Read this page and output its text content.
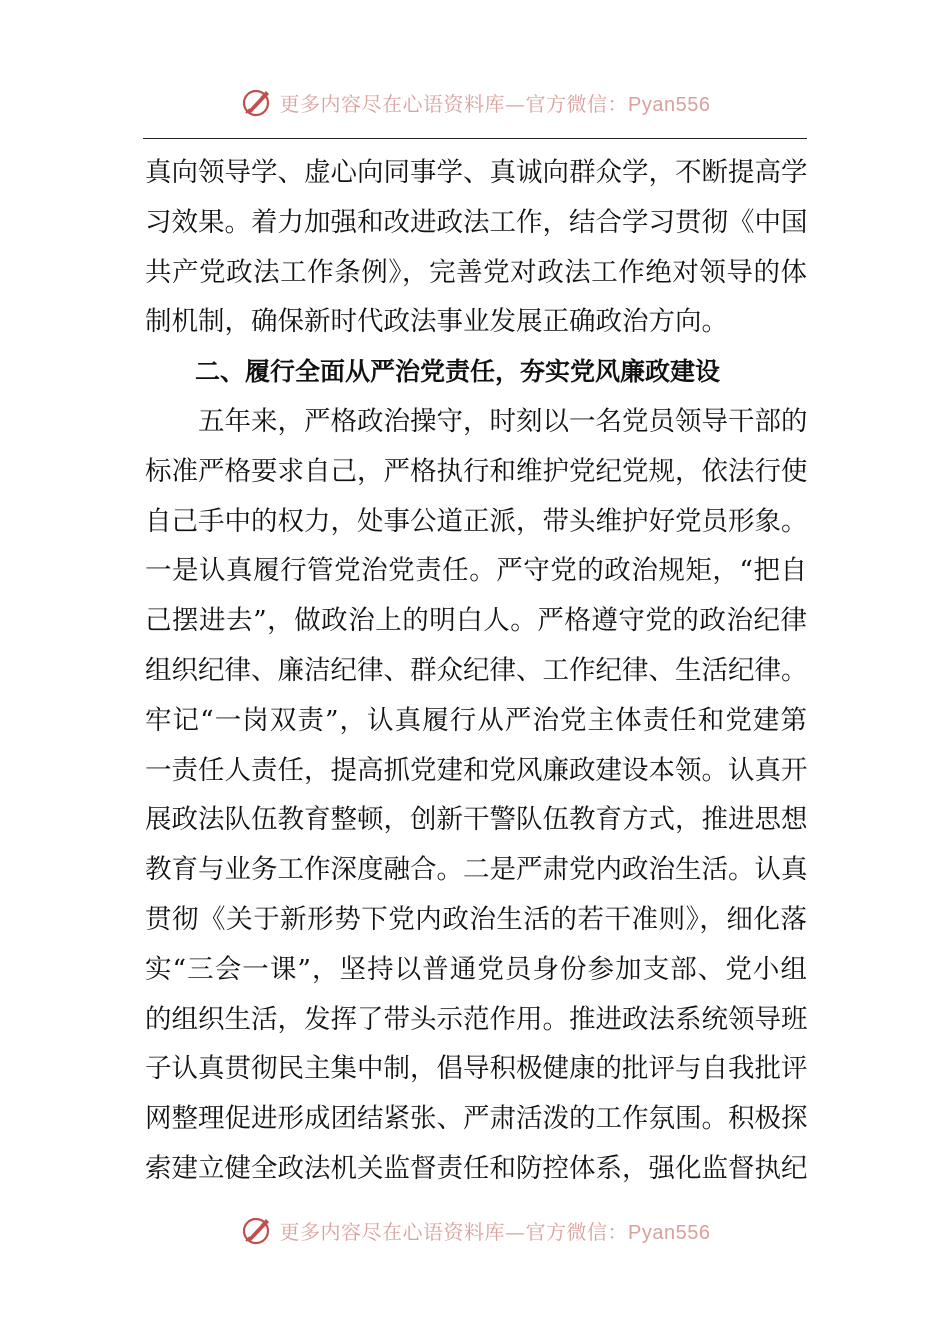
更多内容尽在心语资料库—官方微信：Pyan556
真向领导学、虚心向同事学、真诚向群众学，不断提高学
习效果。着力加强和改进政法工作，结合学习贯彻《中国
共产党政法工作条例》，完善党对政法工作绝对领导的体
制机制，确保新时代政法事业发展正确政治方向。
二、履行全面从严治党责任，夯实党风廉政建设
五年来，严格政治操守，时刻以一名党员领导干部的
标准严格要求自己，严格执行和维护党纪党规，依法行使
自己手中的权力，处事公道正派，带头维护好党员形象。
一是认真履行管党治党责任。严守党的政治规矩，“把自
己摆进去”，做政治上的明白人。严格遵守党的政治纪律
组织纪律、廉洁纪律、群众纪律、工作纪律、生活纪律。
牢记“一岗双责”，认真履行从严治党主体责任和党建第
一责任人责任，提高抓党建和党风廉政建设本领。认真开
展政法队伍教育整顿，创新干警队伍教育方式，推进思想
教育与业务工作深度融合。二是严肃党内政治生活。认真
贯彻《关于新形势下党内政治生活的若干准则》，细化落
实“三会一课”，坚持以普通党员身份参加支部、党小组
的组织生活，发挥了带头示范作用。推进政法系统领导班
子认真贯彻民主集中制，倡导积极健康的批评与自我批评
网整理促进形成团结紧张、严肃活泼的工作氛围。积极探
索建立健全政法机关监督责任和防控体系，强化监督执纪
更多内容尽在心语资料库—官方微信：Pyan556
